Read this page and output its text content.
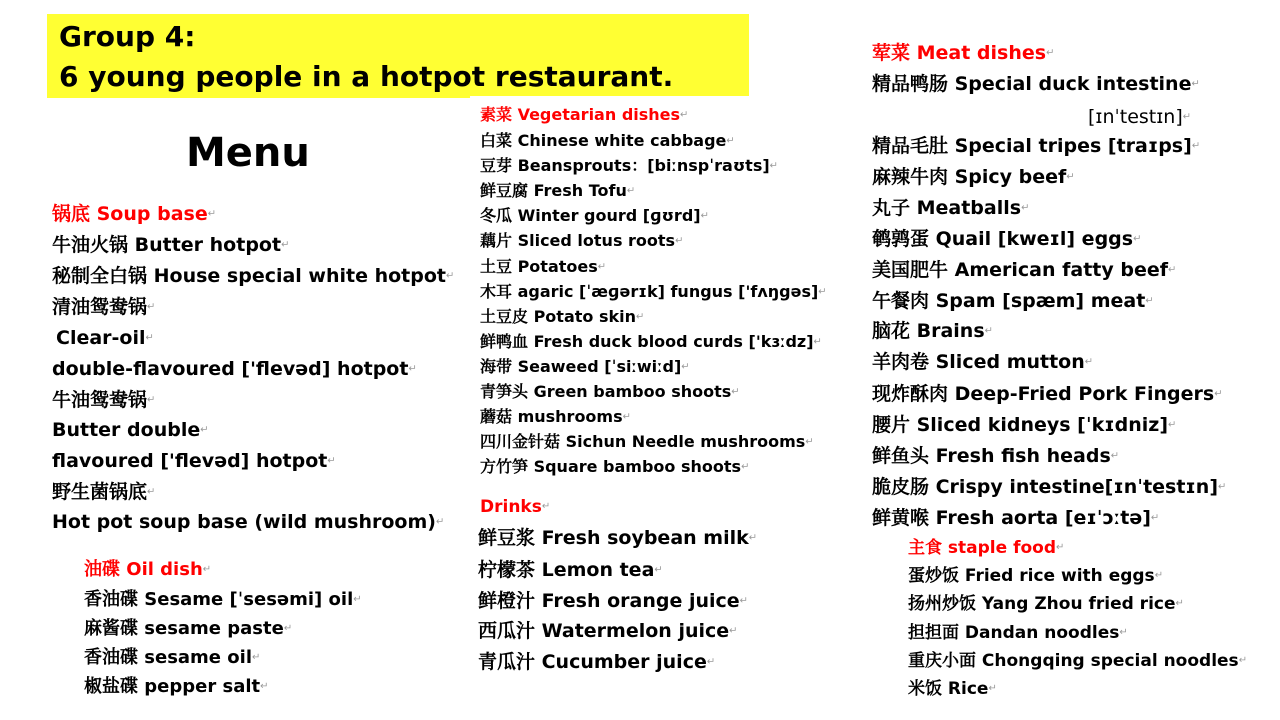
Group 4:
6 young people in a hotpot restaurant.
Menu
锅底 Soup base↵
牛油火锅 Butter hotpot↵
秘制全白锅 House special white hotpot↵
清油鸳鸯锅↵
Clear-oil↵
double-flavoured ['flevəd] hotpot↵
牛油鸳鸯锅↵
Butter double↵
flavoured ['flevəd] hotpot↵
野生菌锅底↵
Hot pot soup base (wild mushroom)↵
油碟 Oil dish↵
香油碟 Sesame [ˈsesəmi] oil↵
麻酱碟 sesame paste↵
香油碟 sesame oil↵
椒盐碟 pepper salt↵
素菜 Vegetarian dishes↵
白菜 Chinese white cabbage↵
豆芽 Beansprouts：[biːnspˈraʊts]↵
鲜豆腐 Fresh Tofu↵
冬瓜 Winter gourd [ɡʊrd]↵
藕片 Sliced lotus roots↵
土豆 Potatoes↵
木耳 agaric [ˈæɡərɪk] fungus ['fʌŋgəs]↵
土豆皮 Potato skin↵
鲜鸭血 Fresh duck blood curds ['kɜːdz]↵
海带 Seaweed [ˈsiːwiːd]↵
青笋头 Green bamboo shoots↵
蘑菇 mushrooms↵
四川金针菇 Sichun Needle mushrooms↵
方竹笋 Square bamboo shoots↵
Drinks↵
鲜豆浆 Fresh soybean milk↵
柠檬茶 Lemon tea↵
鲜橙汁 Fresh orange juice↵
西瓜汁 Watermelon juice↵
青瓜汁 Cucumber juice↵
荤菜 Meat dishes↵
精品鸭肠 Special duck intestine↵
[ɪnˈtestɪn]↵
精品毛肚 Special tripes [traɪps]↵
麻辣牛肉 Spicy beef↵
丸子 Meatballs↵
鹌鹑蛋 Quail [kweɪl] eggs↵
美国肥牛 American fatty beef↵
午餐肉 Spam [spæm] meat↵
脑花 Brains↵
羊肉卷 Sliced mutton↵
现炸酥肉 Deep-Fried Pork Fingers↵
腰片 Sliced kidneys [ˈkɪdniz]↵
鲜鱼头 Fresh fish heads↵
脆皮肠 Crispy intestine[ɪnˈtestɪn]↵
鲜黄喉 Fresh aorta [eɪˈɔːtə]↵
主食 staple food↵
蛋炒饭 Fried rice with eggs↵
扬州炒饭 Yang Zhou fried rice↵
担担面 Dandan noodles↵
重庆小面 Chongqing special noodles↵
米饭 Rice↵
